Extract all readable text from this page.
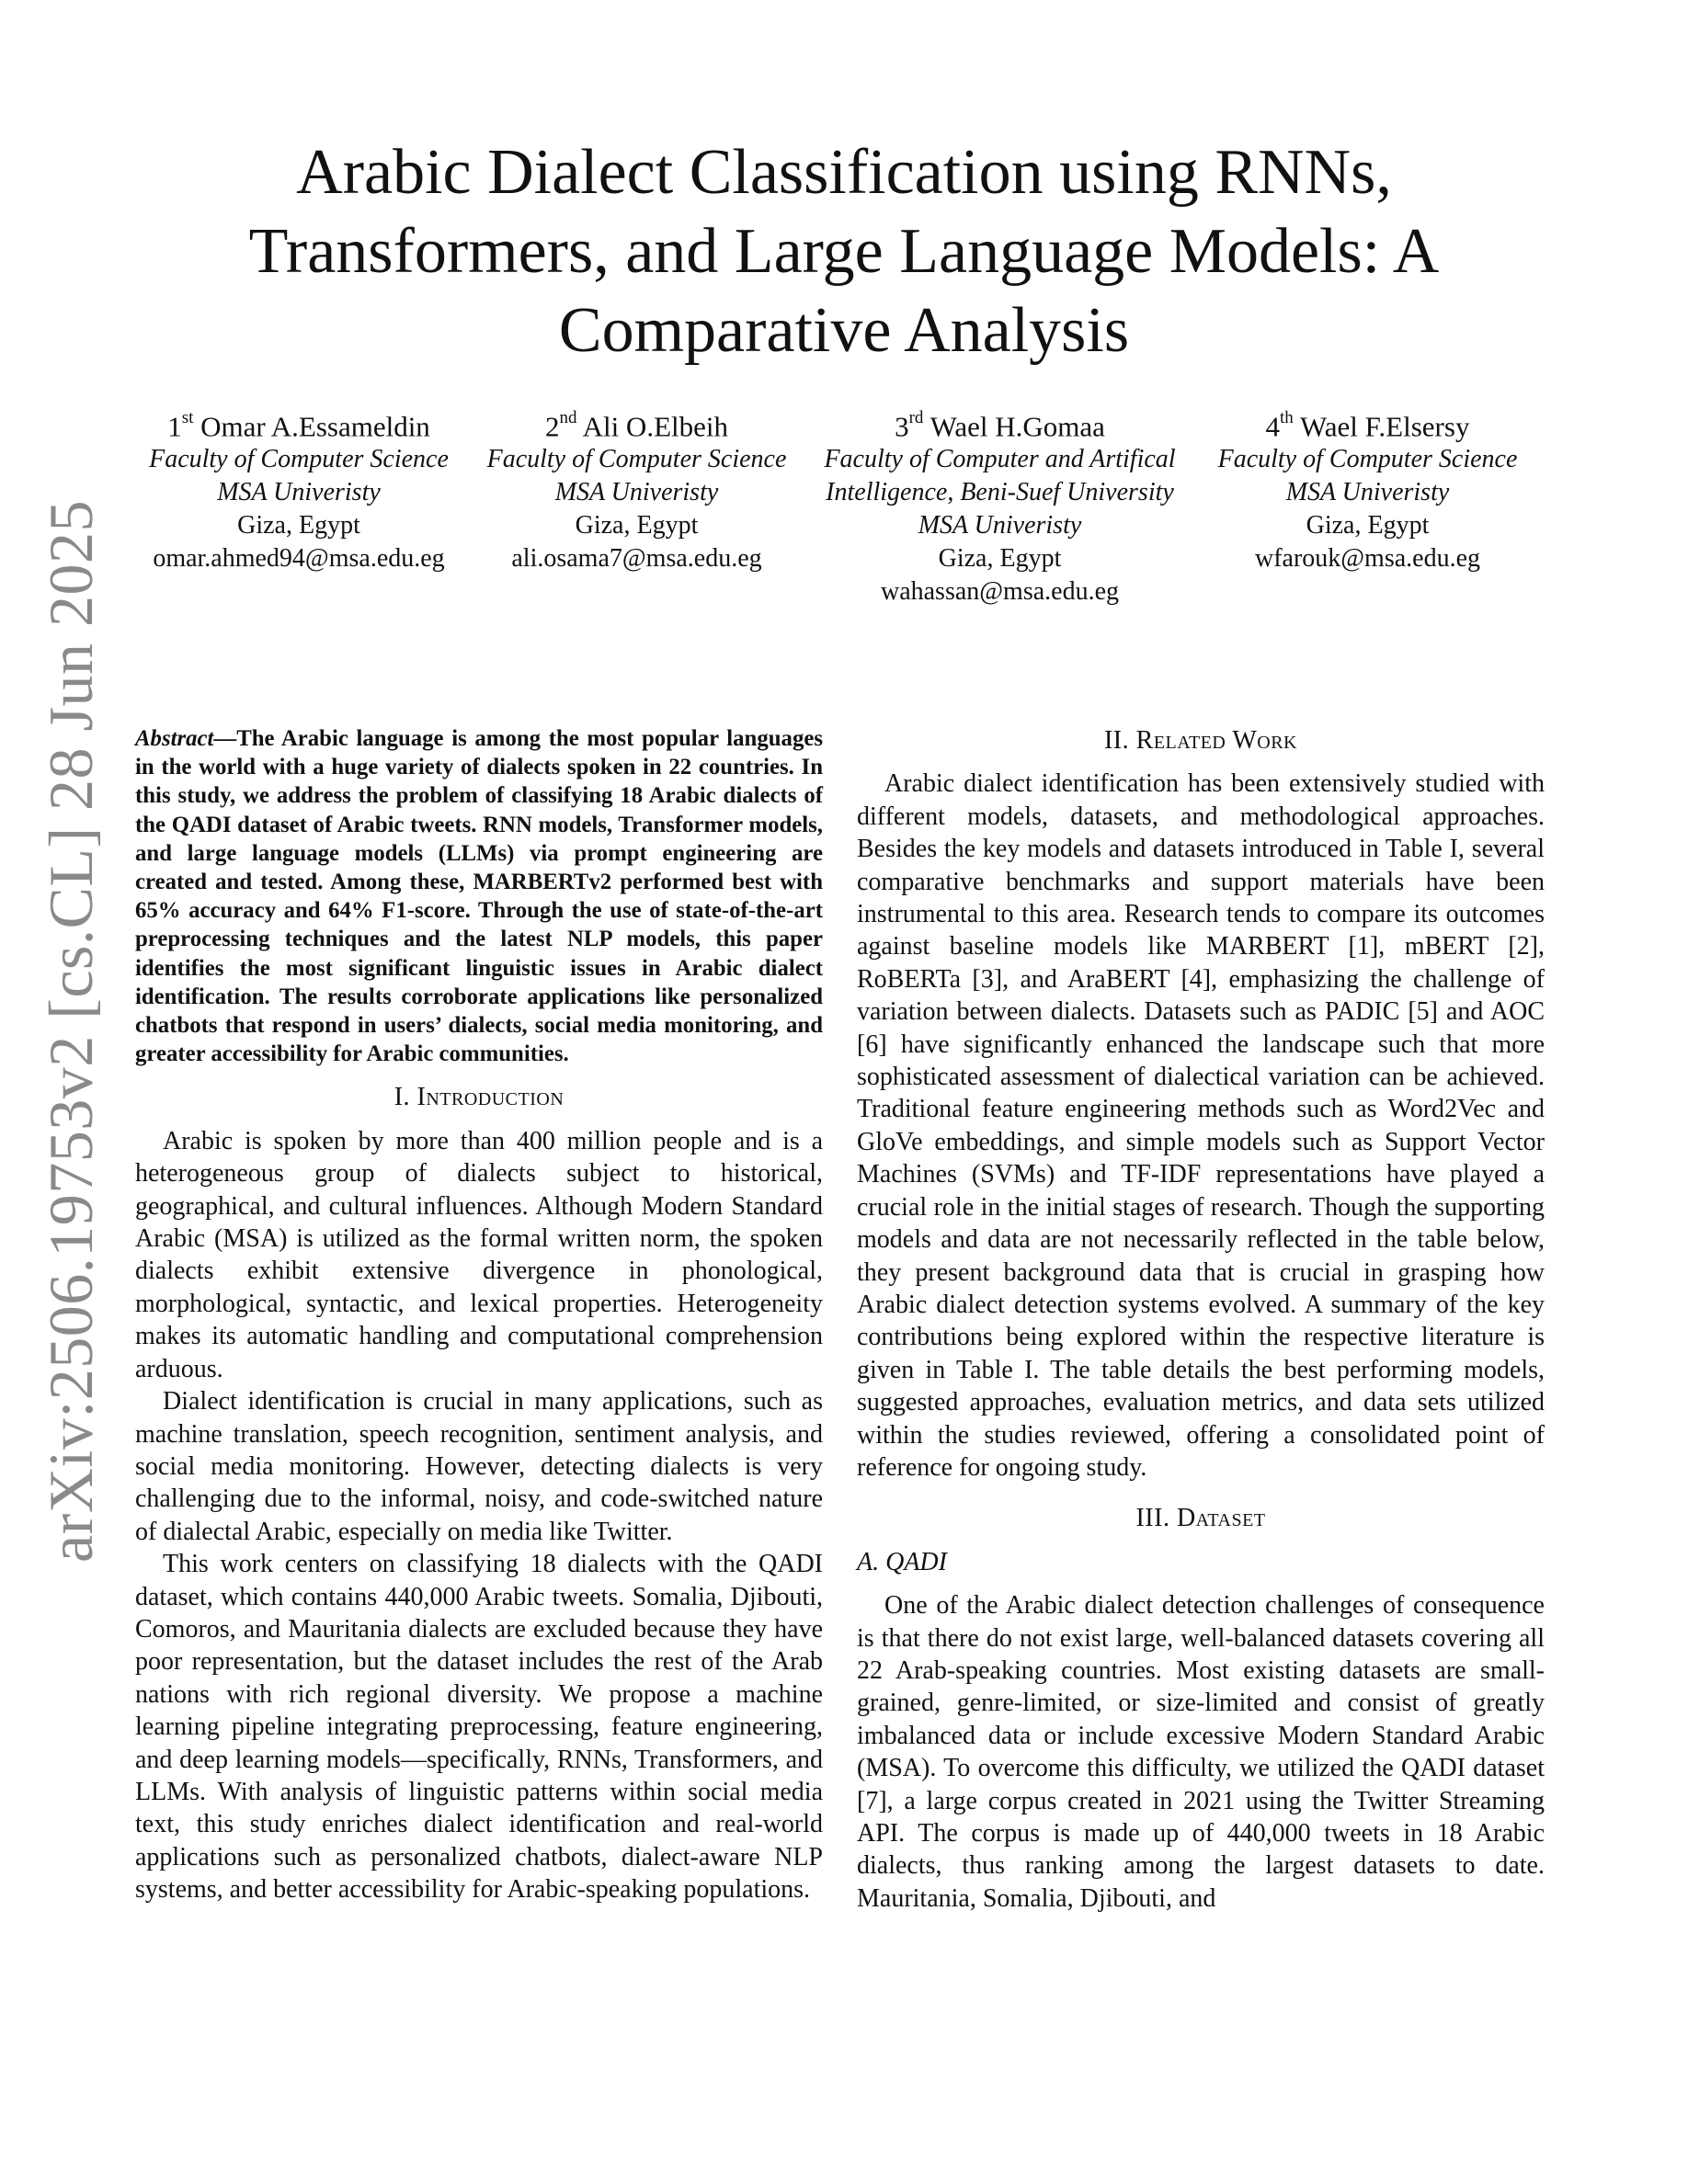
arXiv:2506.19753v2 [cs.CL] 28 Jun 2025
Arabic Dialect Classification using RNNs, Transformers, and Large Language Models: A Comparative Analysis
1st Omar A.Essameldin
Faculty of Computer Science
MSA Univeristy
Giza, Egypt
omar.ahmed94@msa.edu.eg
2nd Ali O.Elbeih
Faculty of Computer Science
MSA Univeristy
Giza, Egypt
ali.osama7@msa.edu.eg
3rd Wael H.Gomaa
Faculty of Computer and Artifical
Intelligence, Beni-Suef University
MSA Univeristy
Giza, Egypt
wahassan@msa.edu.eg
4th Wael F.Elsersy
Faculty of Computer Science
MSA Univeristy
Giza, Egypt
wfarouk@msa.edu.eg

Abstract—The Arabic language is among the most popular languages in the world with a huge variety of dialects spoken in 22 countries. In this study, we address the problem of classifying 18 Arabic dialects of the QADI dataset of Arabic tweets. RNN models, Transformer models, and large language models (LLMs) via prompt engineering are created and tested. Among these, MARBERTv2 performed best with 65% accuracy and 64% F1-score. Through the use of state-of-the-art preprocessing techniques and the latest NLP models, this paper identifies the most significant linguistic issues in Arabic dialect identification. The results corroborate applications like personalized chatbots that respond in users’ dialects, social media monitoring, and greater accessibility for Arabic communities.

I. Introduction

Arabic is spoken by more than 400 million people and is a heterogeneous group of dialects subject to historical, geographical, and cultural influences. Although Modern Standard Arabic (MSA) is utilized as the formal written norm, the spoken dialects exhibit extensive divergence in phonological, morphological, syntactic, and lexical properties. Heterogeneity makes its automatic handling and computational comprehension arduous.

Dialect identification is crucial in many applications, such as machine translation, speech recognition, sentiment analysis, and social media monitoring. However, detecting dialects is very challenging due to the informal, noisy, and code-switched nature of dialectal Arabic, especially on media like Twitter.

This work centers on classifying 18 dialects with the QADI dataset, which contains 440,000 Arabic tweets. Somalia, Djibouti, Comoros, and Mauritania dialects are excluded because they have poor representation, but the dataset includes the rest of the Arab nations with rich regional diversity. We propose a machine learning pipeline integrating preprocessing, feature engineering, and deep learning models—specifically, RNNs, Transformers, and LLMs. With analysis of linguistic patterns within social media text, this study enriches dialect identification and real-world applications such as personalized chatbots, dialect-aware NLP systems, and better accessibility for Arabic-speaking populations.

II. Related Work

Arabic dialect identification has been extensively studied with different models, datasets, and methodological approaches. Besides the key models and datasets introduced in Table I, several comparative benchmarks and support materials have been instrumental to this area. Research tends to compare its outcomes against baseline models like MARBERT [1], mBERT [2], RoBERTa [3], and AraBERT [4], emphasizing the challenge of variation between dialects. Datasets such as PADIC [5] and AOC [6] have significantly enhanced the landscape such that more sophisticated assessment of dialectical variation can be achieved. Traditional feature engineering methods such as Word2Vec and GloVe embeddings, and simple models such as Support Vector Machines (SVMs) and TF-IDF representations have played a crucial role in the initial stages of research. Though the supporting models and data are not necessarily reflected in the table below, they present background data that is crucial in grasping how Arabic dialect detection systems evolved. A summary of the key contributions being explored within the respective literature is given in Table I. The table details the best performing models, suggested approaches, evaluation metrics, and data sets utilized within the studies reviewed, offering a consolidated point of reference for ongoing study.

III. Dataset
A. QADI

One of the Arabic dialect detection challenges of consequence is that there do not exist large, well-balanced datasets covering all 22 Arab-speaking countries. Most existing datasets are small-grained, genre-limited, or size-limited and consist of greatly imbalanced data or include excessive Modern Standard Arabic (MSA). To overcome this difficulty, we utilized the QADI dataset [7], a large corpus created in 2021 using the Twitter Streaming API. The corpus is made up of 440,000 tweets in 18 Arabic dialects, thus ranking among the largest datasets to date. Mauritania, Somalia, Djibouti, and
